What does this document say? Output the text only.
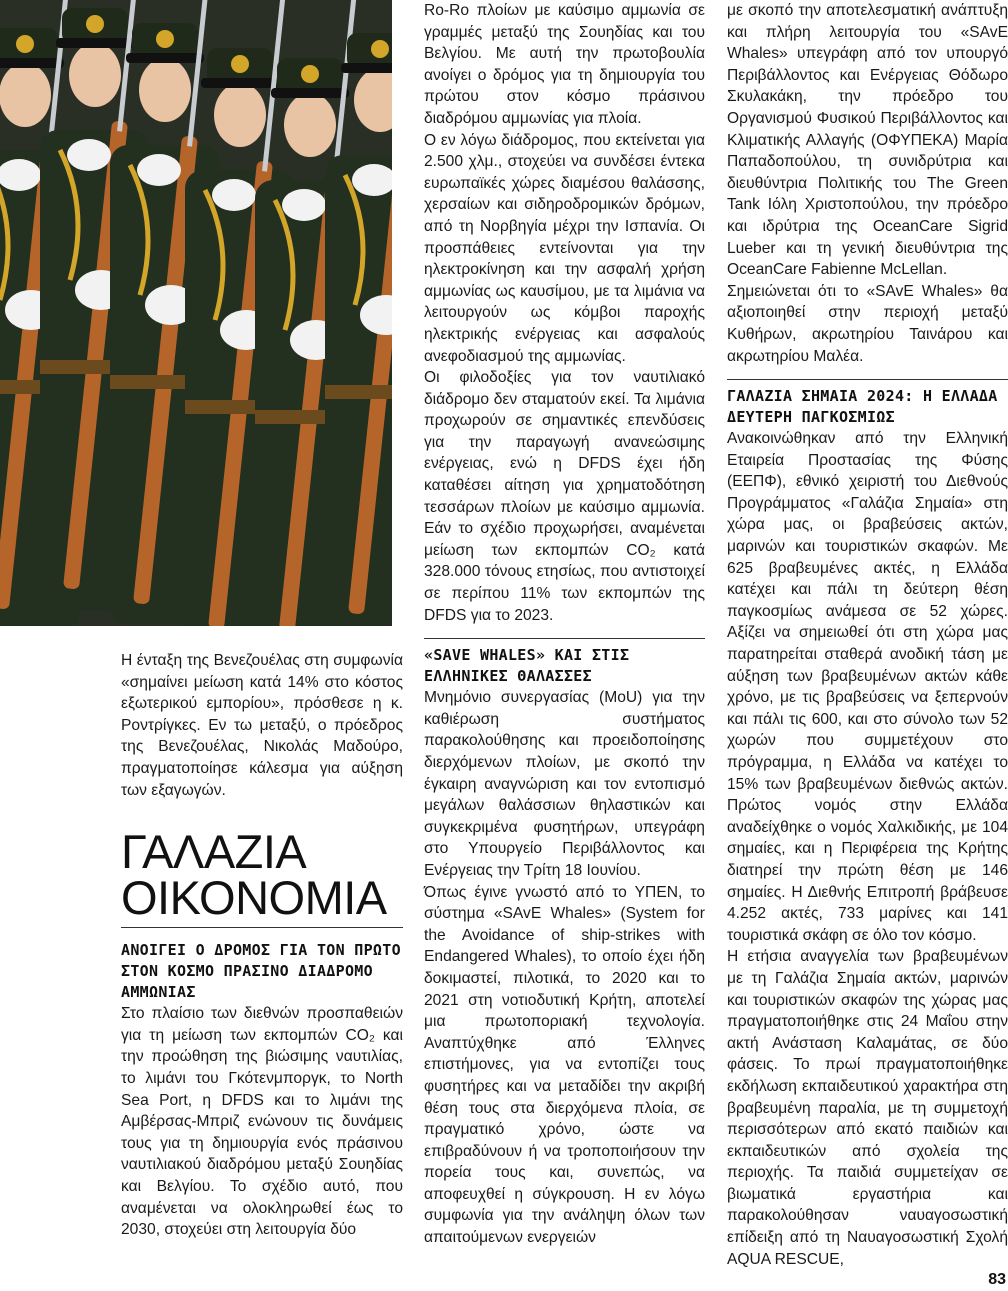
Η ένταξη της Βενεζουέλας στη συμφωνία «σημαίνει μείωση κατά 14% στο κόστος εξωτερικού εμπορίου», πρόσθεσε η κ. Ροντρίγκες. Εν τω μεταξύ, ο πρόεδρος της Βενεζουέλας, Νικολάς Μαδούρο, πραγματοποίησε κάλεσμα για αύξηση των εξαγωγών.

ΓΑΛΑΖΙΑ
ΟΙΚΟΝΟΜΙΑ
ΑΝΟΙΓΕΙ Ο ΔΡΟΜΟΣ ΓΙΑ ΤΟΝ ΠΡΩΤΟ ΣΤΟΝ ΚΟΣΜΟ ΠΡΑΣΙΝΟ ΔΙΑΔΡΟΜΟ ΑΜΜΩΝΙΑΣ

Στο πλαίσιο των διεθνών προσπαθειών για τη μείωση των εκπομπών CO₂ και την προώθηση της βιώσιμης ναυτιλίας, το λιμάνι του Γκότενμποργκ, το North Sea Port, η DFDS και το λιμάνι της Αμβέρσας-Μπριζ ενώνουν τις δυνάμεις τους για τη δημιουργία ενός πράσινου ναυτιλιακού διαδρόμου μεταξύ Σουηδίας και Βελγίου. Το σχέδιο αυτό, που αναμένεται να ολοκληρωθεί έως το 2030, στοχεύει στη λειτουργία δύο

Ro-Ro πλοίων με καύσιμο αμμωνία σε γραμμές μεταξύ της Σουηδίας και του Βελγίου. Με αυτή την πρωτοβουλία ανοίγει ο δρόμος για τη δημιουργία του πρώτου στον κόσμο πράσινου διαδρόμου αμμωνίας για πλοία.

Ο εν λόγω διάδρομος, που εκτείνεται για 2.500 χλμ., στοχεύει να συνδέσει έντεκα ευρωπαϊκές χώρες διαμέσου θαλάσσης, χερσαίων και σιδηροδρομικών δρόμων, από τη Νορβηγία μέχρι την Ισπανία. Οι προσπάθειες εντείνονται για την ηλεκτροκίνηση και την ασφαλή χρήση αμμωνίας ως καυσίμου, με τα λιμάνια να λειτουργούν ως κόμβοι παροχής ηλεκτρικής ενέργειας και ασφαλούς ανεφοδιασμού της αμμωνίας.

Οι φιλοδοξίες για τον ναυτιλιακό διάδρομο δεν σταματούν εκεί. Τα λιμάνια προχωρούν σε σημαντικές επενδύσεις για την παραγωγή ανανεώσιμης ενέργειας, ενώ η DFDS έχει ήδη καταθέσει αίτηση για χρηματοδότηση τεσσάρων πλοίων με καύσιμο αμμωνία. Εάν το σχέδιο προχωρήσει, αναμένεται μείωση των εκπομπών CO₂ κατά 328.000 τόνους ετησίως, που αντιστοιχεί σε περίπου 11% των εκπομπών της DFDS για το 2023.

«SAVE WHALES» ΚΑΙ ΣΤΙΣ ΕΛΛΗΝΙΚΕΣ ΘΑΛΑΣΣΕΣ

Μνημόνιο συνεργασίας (MoU) για την καθιέρωση συστήματος παρακολούθησης και προειδοποίησης διερχόμενων πλοίων, με σκοπό την έγκαιρη αναγνώριση και τον εντοπισμό μεγάλων θαλάσσιων θηλαστικών και συγκεκριμένα φυσητήρων, υπεγράφη στο Υπουργείο Περιβάλλοντος και Ενέργειας την Τρίτη 18 Ιουνίου.

Όπως έγινε γνωστό από το ΥΠΕΝ, το σύστημα «SAvE Whales» (System for the Avoidance of ship-strikes with Endangered Whales), το οποίο έχει ήδη δοκιμαστεί, πιλοτικά, το 2020 και το 2021 στη νοτιοδυτική Κρήτη, αποτελεί μια πρωτοποριακή τεχνολογία. Αναπτύχθηκε από Έλληνες επιστήμονες, για να εντοπίζει τους φυσητήρες και να μεταδίδει την ακριβή θέση τους στα διερχόμενα πλοία, σε πραγματικό χρόνο, ώστε να επιβραδύνουν ή να τροποποιήσουν την πορεία τους και, συνεπώς, να αποφευχθεί η σύγκρουση. Η εν λόγω συμφωνία για την ανάληψη όλων των απαιτούμενων ενεργειών

με σκοπό την αποτελεσματική ανάπτυξη και πλήρη λειτουργία του «SAvE Whales» υπεγράφη από τον υπουργό Περιβάλλοντος και Ενέργειας Θόδωρο Σκυλακάκη, την πρόεδρο του Οργανισμού Φυσικού Περιβάλλοντος και Κλιματικής Αλλαγής (ΟΦΥΠΕΚΑ) Μαρία Παπαδοπούλου, τη συνιδρύτρια και διευθύντρια Πολιτικής του The Green Tank Ιόλη Χριστοπούλου, την πρόεδρο και ιδρύτρια της OceanCare Sigrid Lueber και τη γενική διευθύντρια της OceanCare Fabienne McLellan.

Σημειώνεται ότι το «SAvE Whales» θα αξιοποιηθεί στην περιοχή μεταξύ Κυθήρων, ακρωτηρίου Ταινάρου και ακρωτηρίου Μαλέα.

ΓΑΛΑΖΙΑ ΣΗΜΑΙΑ 2024: Η ΕΛΛΑΔΑ ΔΕΥΤΕΡΗ ΠΑΓΚΟΣΜΙΩΣ

Ανακοινώθηκαν από την Ελληνική Εταιρεία Προστασίας της Φύσης (ΕΕΠΦ), εθνικό χειριστή του Διεθνούς Προγράμματος «Γαλάζια Σημαία» στη χώρα μας, οι βραβεύσεις ακτών, μαρινών και τουριστικών σκαφών. Με 625 βραβευμένες ακτές, η Ελλάδα κατέχει και πάλι τη δεύτερη θέση παγκοσμίως ανάμεσα σε 52 χώρες. Αξίζει να σημειωθεί ότι στη χώρα μας παρατηρείται σταθερά ανοδική τάση με αύξηση των βραβευμένων ακτών κάθε χρόνο, με τις βραβεύσεις να ξεπερνούν και πάλι τις 600, και στο σύνολο των 52 χωρών που συμμετέχουν στο πρόγραμμα, η Ελλάδα να κατέχει το 15% των βραβευμένων διεθνώς ακτών. Πρώτος νομός στην Ελλάδα αναδείχθηκε ο νομός Χαλκιδικής, με 104 σημαίες, και η Περιφέρεια της Κρήτης διατηρεί την πρώτη θέση με 146 σημαίες. Η Διεθνής Επιτροπή βράβευσε 4.252 ακτές, 733 μαρίνες και 141 τουριστικά σκάφη σε όλο τον κόσμο.

Η ετήσια αναγγελία των βραβευμένων με τη Γαλάζια Σημαία ακτών, μαρινών και τουριστικών σκαφών της χώρας μας πραγματοποιήθηκε στις 24 Μαΐου στην ακτή Ανάσταση Καλαμάτας, σε δύο φάσεις. Το πρωί πραγματοποιήθηκε εκδήλωση εκπαιδευτικού χαρακτήρα στη βραβευμένη παραλία, με τη συμμετοχή περισσότερων από εκατό παιδιών και εκπαιδευτικών από σχολεία της περιοχής. Τα παιδιά συμμετείχαν σε βιωματικά εργαστήρια και παρακολούθησαν ναυαγοσωστική επίδειξη από τη Ναυαγοσωστική Σχολή AQUA RESCUE,

83
